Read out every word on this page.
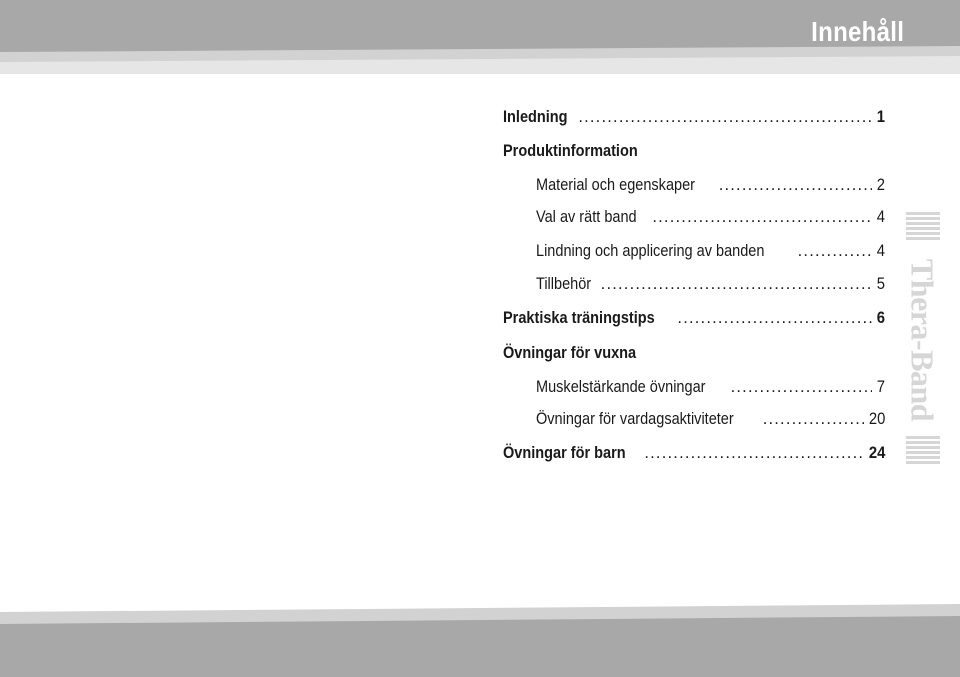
Innehåll
Inledning .....	1
Produktinformation
Material och egenskaper .....	2
Val av rätt band .....	4
Lindning och applicering av banden .....	4
Tillbehör .....	5
Praktiska träningstips .....	6
Övningar för vuxna
Muskelstärkande övningar .....	7
Övningar för vardagsaktiviteter .....	20
Övningar för barn .....	24
Thera-Band
